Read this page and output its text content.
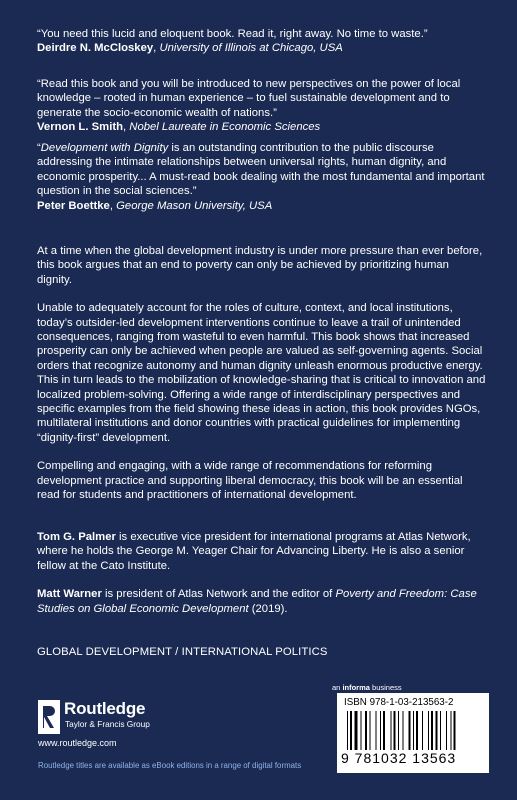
“You need this lucid and eloquent book. Read it, right away. No time to waste.”

Deirdre N. McCloskey, University of Illinois at Chicago, USA

“Read this book and you will be introduced to new perspectives on the power of local knowledge – rooted in human experience – to fuel sustainable development and to generate the socio-economic wealth of nations.”

Vernon L. Smith, Nobel Laureate in Economic Sciences

“Development with Dignity is an outstanding contribution to the public discourse addressing the intimate relationships between universal rights, human dignity, and economic prosperity... A must-read book dealing with the most fundamental and important question in the social sciences.”

Peter Boettke, George Mason University, USA

At a time when the global development industry is under more pressure than ever before, this book argues that an end to poverty can only be achieved by prioritizing human dignity.

Unable to adequately account for the roles of culture, context, and local institutions, today’s outsider-led development interventions continue to leave a trail of unintended consequences, ranging from wasteful to even harmful. This book shows that increased prosperity can only be achieved when people are valued as self-governing agents. Social orders that recognize autonomy and human dignity unleash enormous productive energy. This in turn leads to the mobilization of knowledge-sharing that is critical to innovation and localized problem-solving. Offering a wide range of interdisciplinary perspectives and specific examples from the field showing these ideas in action, this book provides NGOs, multilateral institutions and donor countries with practical guidelines for implementing “dignity-first” development.

Compelling and engaging, with a wide range of recommendations for reforming development practice and supporting liberal democracy, this book will be an essential read for students and practitioners of international development.

Tom G. Palmer is executive vice president for international programs at Atlas Network, where he holds the George M. Yeager Chair for Advancing Liberty. He is also a senior fellow at the Cato Institute.

Matt Warner is president of Atlas Network and the editor of Poverty and Freedom: Case Studies on Global Economic Development (2019).

GLOBAL DEVELOPMENT / INTERNATIONAL POLITICS
Routledge
Taylor & Francis Group
www.routledge.com
Routledge titles are available as eBook editions in a range of digital formats
an informa business
ISBN 978-1-03-213563-2
9 781032 13563
